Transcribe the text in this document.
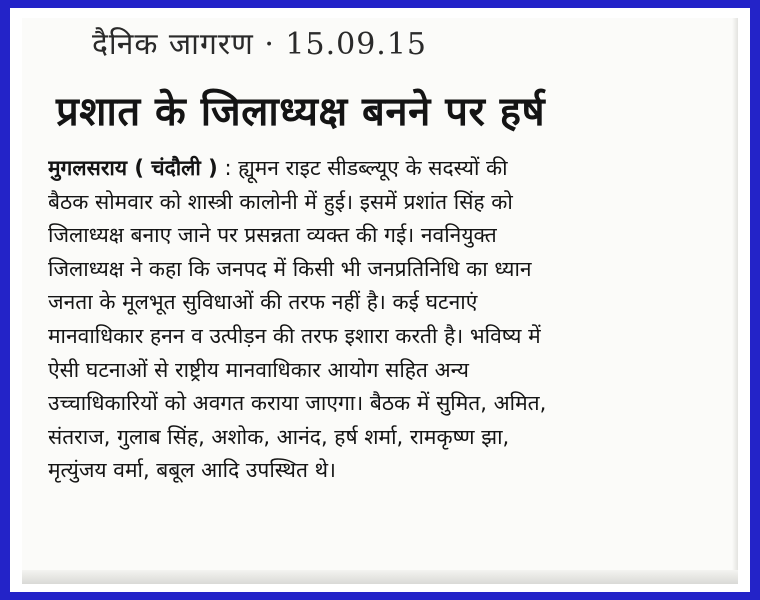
दैनिक जागरण · 15.09.15
प्रशात के जिलाध्यक्ष बनने पर हर्ष
मुगलसराय ( चंदौली ) : ह्यूमन राइट सीडब्ल्यूए के सदस्यों की
बैठक सोमवार को शास्त्री कालोनी में हुई। इसमें प्रशांत सिंह को
जिलाध्यक्ष बनाए जाने पर प्रसन्नता व्यक्त की गई। नवनियुक्त
जिलाध्यक्ष ने कहा कि जनपद में किसी भी जनप्रतिनिधि का ध्यान
जनता के मूलभूत सुविधाओं की तरफ नहीं है। कई घटनाएं
मानवाधिकार हनन व उत्पीड़न की तरफ इशारा करती है। भविष्य में
ऐसी घटनाओं से राष्ट्रीय मानवाधिकार आयोग सहित अन्य
उच्चाधिकारियों को अवगत कराया जाएगा। बैठक में सुमित, अमित,
संतराज, गुलाब सिंह, अशोक, आनंद, हर्ष शर्मा, रामकृष्ण झा,
मृत्युंजय वर्मा, बबूल आदि उपस्थित थे।
